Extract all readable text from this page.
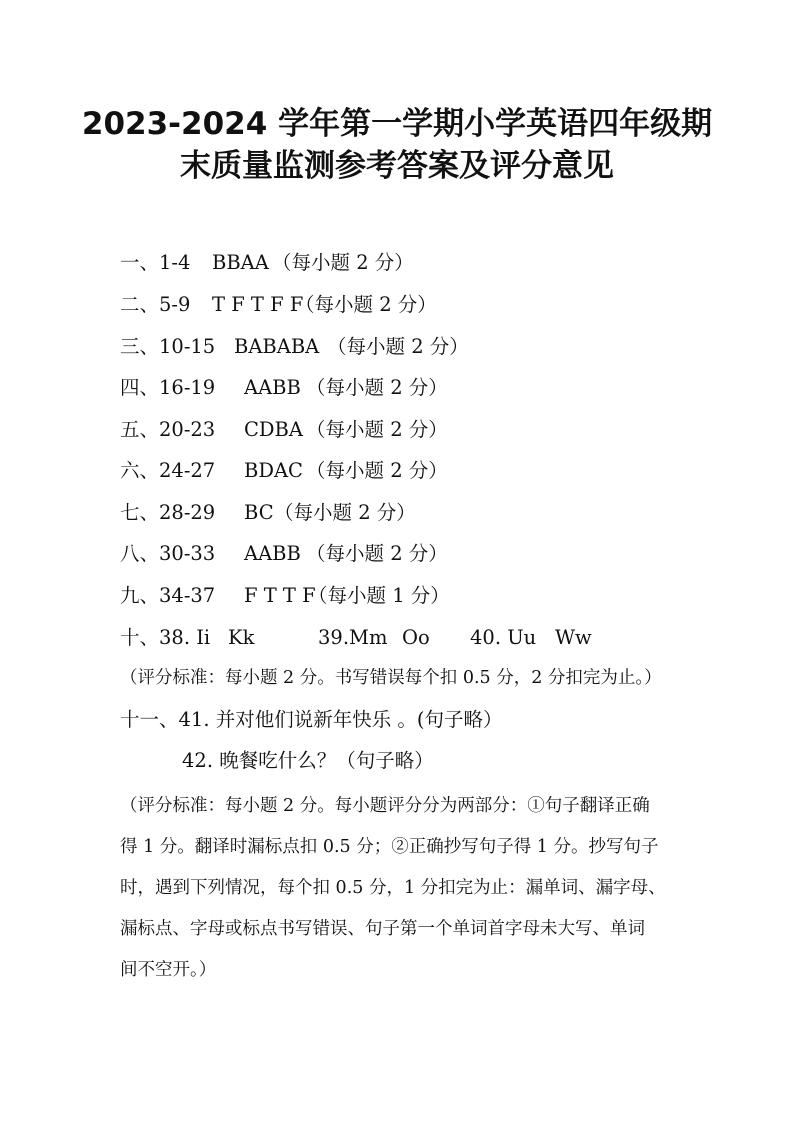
2023-2024 学年第一学期小学英语四年级期
末质量监测参考答案及评分意见
一、1-4 BBAA （每小题 2 分）
二、5-9 T F T F F
（每小题 2 分）
三、10-15 BABABA （每小题 2 分）
四、16-19 AABB （每小题 2 分）
五、20-23 CDBA （每小题 2 分）
六、24-27 BDAC （每小题 2 分）
七、28-29 BC （每小题 2 分）
八、30-33 AABB （每小题 2 分）
九、34-37 F T T F
（每小题 1 分）
十、38. Ii Kk	39.Mm Oo 40. Uu Ww
（评分标准：每小题 2 分。书写错误每个扣 0.5 分，2 分扣完为止。）
十一、41. 并对他们说新年快乐 。(句子略）
42. 晚餐吃什么？（句子略）
（评分标准：每小题 2 分。每小题评分分为两部分：①句子翻译正确
得 1 分。翻译时漏标点扣 0.5 分；②正确抄写句子得 1 分。抄写句子
时，遇到下列情况，每个扣 0.5 分，1 分扣完为止：漏单词、漏字母、
漏标点、字母或标点书写错误、句子第一个单词首字母未大写、单词
间不空开。）
